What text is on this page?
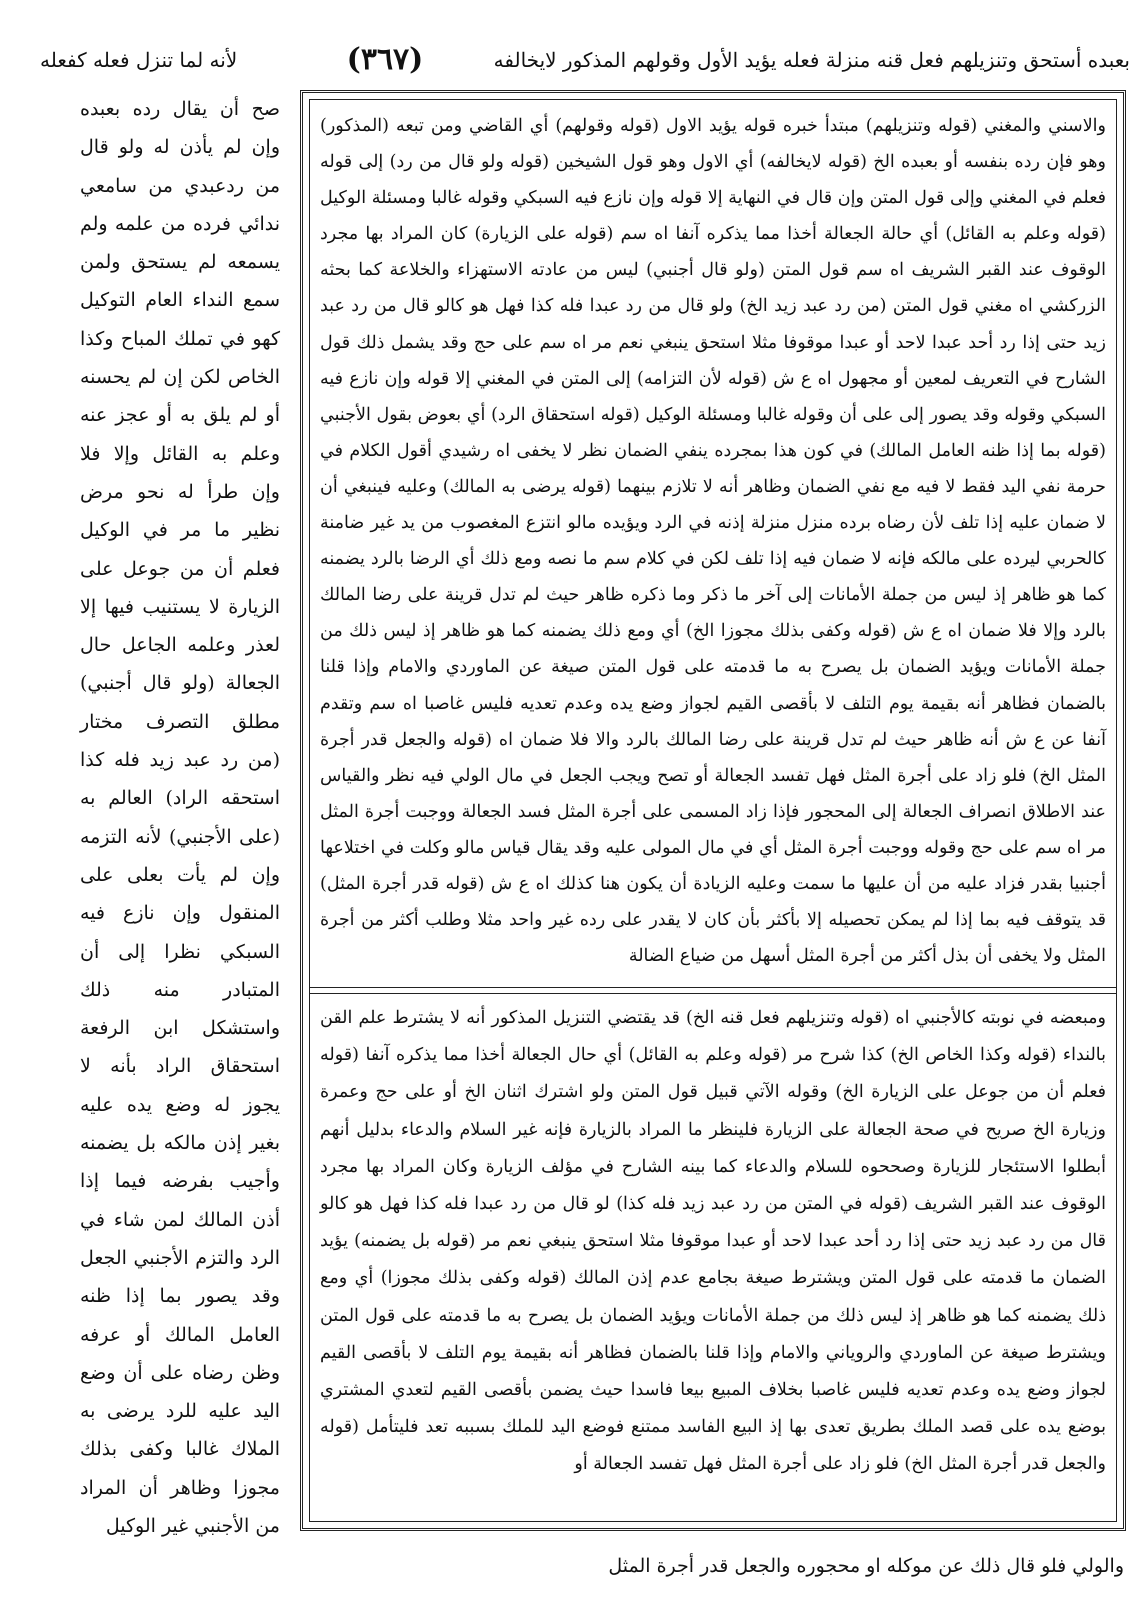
بعبده أستحق وتنزيلهم فعل قنه منزلة فعله يؤيد الأول وقولهم المذكور لايخالفه
(٣٦٧)
لأنه لما تنزل فعله كفعله

صح أن يقال رده بعبده وإن لم يأذن له ولو قال من ردعبدي من سامعي ندائي فرده من علمه ولم يسمعه لم يستحق ولمن سمع النداء العام التوكيل كهو في تملك المباح وكذا الخاص لكن إن لم يحسنه أو لم يلق به أو عجز عنه وعلم به القائل وإلا فلا وإن طرأ له نحو مرض نظير ما مر في الوكيل فعلم أن من جوعل على الزيارة لا يستنيب فيها إلا لعذر وعلمه الجاعل حال الجعالة (ولو قال أجنبي) مطلق التصرف مختار (من رد عبد زيد فله كذا استحقه الراد) العالم به (على الأجنبي) لأنه التزمه وإن لم يأت بعلى على المنقول وإن نازع فيه السبكي نظرا إلى أن المتبادر منه ذلك واستشكل ابن الرفعة استحقاق الراد بأنه لا يجوز له وضع يده عليه بغير إذن مالكه بل يضمنه وأجيب بفرضه فيما إذا أذن المالك لمن شاء في الرد والتزم الأجنبي الجعل وقد يصور بما إذا ظنه العامل المالك أو عرفه وظن رضاه على أن وضع اليد عليه للرد يرضى به الملاك غالبا وكفى بذلك مجوزا وظاهر أن المراد من الأجنبي غير الوكيل

والاسني والمغني (قوله وتنزيلهم) مبتدأ خبره قوله يؤيد الاول (قوله وقولهم) أي القاضي ومن تبعه (المذكور) وهو فإن رده بنفسه أو بعبده الخ (قوله لايخالفه) أي الاول وهو قول الشيخين (قوله ولو قال من رد) إلى قوله فعلم في المغني وإلى قول المتن وإن قال في النهاية إلا قوله وإن نازع فيه السبكي وقوله غالبا ومسئلة الوكيل (قوله وعلم به القائل) أي حالة الجعالة أخذا مما يذكره آنفا اه سم (قوله على الزيارة) كان المراد بها مجرد الوقوف عند القبر الشريف اه سم قول المتن (ولو قال أجنبي) ليس من عادته الاستهزاء والخلاعة كما بحثه الزركشي اه مغني قول المتن (من رد عبد زيد الخ) ولو قال من رد عبدا فله كذا فهل هو كالو قال من رد عبد زيد حتى إذا رد أحد عبدا لاحد أو عبدا موقوفا مثلا استحق ينبغي نعم مر اه سم على حج وقد يشمل ذلك قول الشارح في التعريف لمعين أو مجهول اه ع ش (قوله لأن التزامه) إلى المتن في المغني إلا قوله وإن نازع فيه السبكي وقوله وقد يصور إلى على أن وقوله غالبا ومسئلة الوكيل (قوله استحقاق الرد) أي بعوض بقول الأجنبي (قوله بما إذا ظنه العامل المالك) في كون هذا بمجرده ينفي الضمان نظر لا يخفى اه رشيدي أقول الكلام في حرمة نفي اليد فقط لا فيه مع نفي الضمان وظاهر أنه لا تلازم بينهما (قوله يرضى به المالك) وعليه فينبغي أن لا ضمان عليه إذا تلف لأن رضاه برده منزل منزلة إذنه في الرد ويؤيده مالو انتزع المغصوب من يد غير ضامنة كالحربي ليرده على مالكه فإنه لا ضمان فيه إذا تلف لكن في كلام سم ما نصه ومع ذلك أي الرضا بالرد يضمنه كما هو ظاهر إذ ليس من جملة الأمانات إلى آخر ما ذكر وما ذكره ظاهر حيث لم تدل قرينة على رضا المالك بالرد وإلا فلا ضمان اه ع ش (قوله وكفى بذلك مجوزا الخ) أي ومع ذلك يضمنه كما هو ظاهر إذ ليس ذلك من جملة الأمانات ويؤيد الضمان بل يصرح به ما قدمته على قول المتن صيغة عن الماوردي والامام وإذا قلنا بالضمان فظاهر أنه بقيمة يوم التلف لا بأقصى القيم لجواز وضع يده وعدم تعديه فليس غاصبا اه سم وتقدم آنفا عن ع ش أنه ظاهر حيث لم تدل قرينة على رضا المالك بالرد والا فلا ضمان اه (قوله والجعل قدر أجرة المثل الخ) فلو زاد على أجرة المثل فهل تفسد الجعالة أو تصح ويجب الجعل في مال الولي فيه نظر والقياس عند الاطلاق انصراف الجعالة إلى المحجور فإذا زاد المسمى على أجرة المثل فسد الجعالة ووجبت أجرة المثل مر اه سم على حج وقوله ووجبت أجرة المثل أي في مال المولى عليه وقد يقال قياس مالو وكلت في اختلاعها أجنبيا بقدر فزاد عليه من أن عليها ما سمت وعليه الزيادة أن يكون هنا كذلك اه ع ش (قوله قدر أجرة المثل) قد يتوقف فيه بما إذا لم يمكن تحصيله إلا بأكثر بأن كان لا يقدر على رده غير واحد مثلا وطلب أكثر من أجرة المثل ولا يخفى أن بذل أكثر من أجرة المثل أسهل من ضياع الضالة

ومبعضه في نوبته كالأجنبي اه (قوله وتنزيلهم فعل قنه الخ) قد يقتضي التنزيل المذكور أنه لا يشترط علم القن بالنداء (قوله وكذا الخاص الخ) كذا شرح مر (قوله وعلم به القائل) أي حال الجعالة أخذا مما يذكره آنفا (قوله فعلم أن من جوعل على الزيارة الخ) وقوله الآتي قبيل قول المتن ولو اشترك اثنان الخ أو على حج وعمرة وزيارة الخ صريح في صحة الجعالة على الزيارة فلينظر ما المراد بالزيارة فإنه غير السلام والدعاء بدليل أنهم أبطلوا الاستئجار للزيارة وصححوه للسلام والدعاء كما بينه الشارح في مؤلف الزيارة وكان المراد بها مجرد الوقوف عند القبر الشريف (قوله في المتن من رد عبد زيد فله كذا) لو قال من رد عبدا فله كذا فهل هو كالو قال من رد عبد زيد حتى إذا رد أحد عبدا لاحد أو عبدا موقوفا مثلا استحق ينبغي نعم مر (قوله بل يضمنه) يؤيد الضمان ما قدمته على قول المتن ويشترط صيغة بجامع عدم إذن المالك (قوله وكفى بذلك مجوزا) أي ومع ذلك يضمنه كما هو ظاهر إذ ليس ذلك من جملة الأمانات ويؤيد الضمان بل يصرح به ما قدمته على قول المتن ويشترط صيغة عن الماوردي والروياني والامام وإذا قلنا بالضمان فظاهر أنه بقيمة يوم التلف لا بأقصى القيم لجواز وضع يده وعدم تعديه فليس غاصبا بخلاف المبيع بيعا فاسدا حيث يضمن بأقصى القيم لتعدي المشتري بوضع يده على قصد الملك بطريق تعدى بها إذ البيع الفاسد ممتنع فوضع اليد للملك بسببه تعد فليتأمل (قوله والجعل قدر أجرة المثل الخ) فلو زاد على أجرة المثل فهل تفسد الجعالة أو

والولي فلو قال ذلك عن موكله او محجوره والجعل قدر أجرة المثل
